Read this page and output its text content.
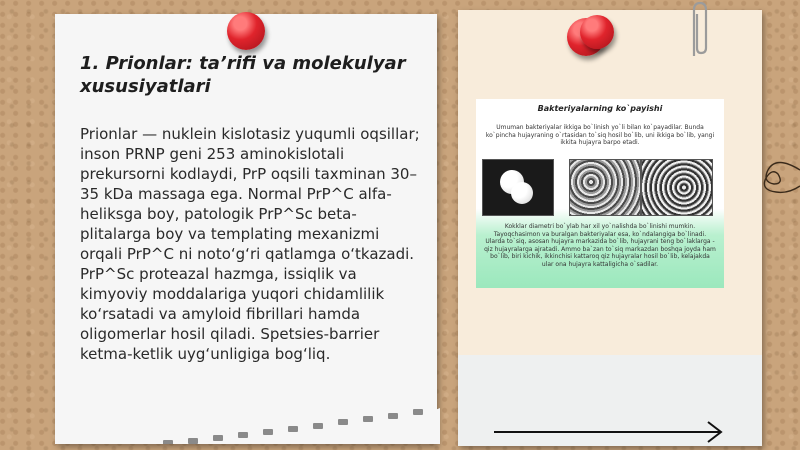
1. Prionlar: ta’rifi va molekulyar xususiyatlari

Prionlar — nuklein kislotasiz yuqumli oqsillar; inson PRNP geni 253 aminokislotali prekursorni kodlaydi, PrP oqsili taxminan 30–35 kDa massaga ega. Normal PrP^C alfa-heliksga boy, patologik PrP^Sc beta-plitalarga boy va templating mexanizmi orqali PrP^C ni noto‘g‘ri qatlamga o‘tkazadi. PrP^Sc proteazal hazmga, issiqlik va kimyoviy moddalariga yuqori chidamlilik ko‘rsatadi va amyloid fibrillari hamda oligomerlar hosil qiladi. Spetsies-barrier ketma-ketlik uyg‘unligiga bog‘liq.

Bakteriyalarning ko`payishi
Umuman bakteriyalar ikkiga bo`linish yo`li bilan ko`payadilar. Bunda ko`pincha hujayraning o`rtasidan to`siq hosil bo`lib, uni ikkiga bo`lib, yangi ikkita hujayra barpo etadi.
Kokklar diametri bo`ylab har xil yo`nalishda bo`linishi mumkin. Tayoqchasimon va buralgan bakteriyalar esa, ko`ndalangiga bo`linadi. Ularda to`siq, asosan hujayra markazida bo`lib, hujayrani teng bo`laklarga - qiz hujayralarga ajratadi. Ammo ba`zan to`siq markazdan boshqa joyda ham bo`lib, biri kichik, ikkinchisi kattaroq qiz hujayralar hosil bo`lib, kelajakda ular ona hujayra kattaligicha o`sadilar.
